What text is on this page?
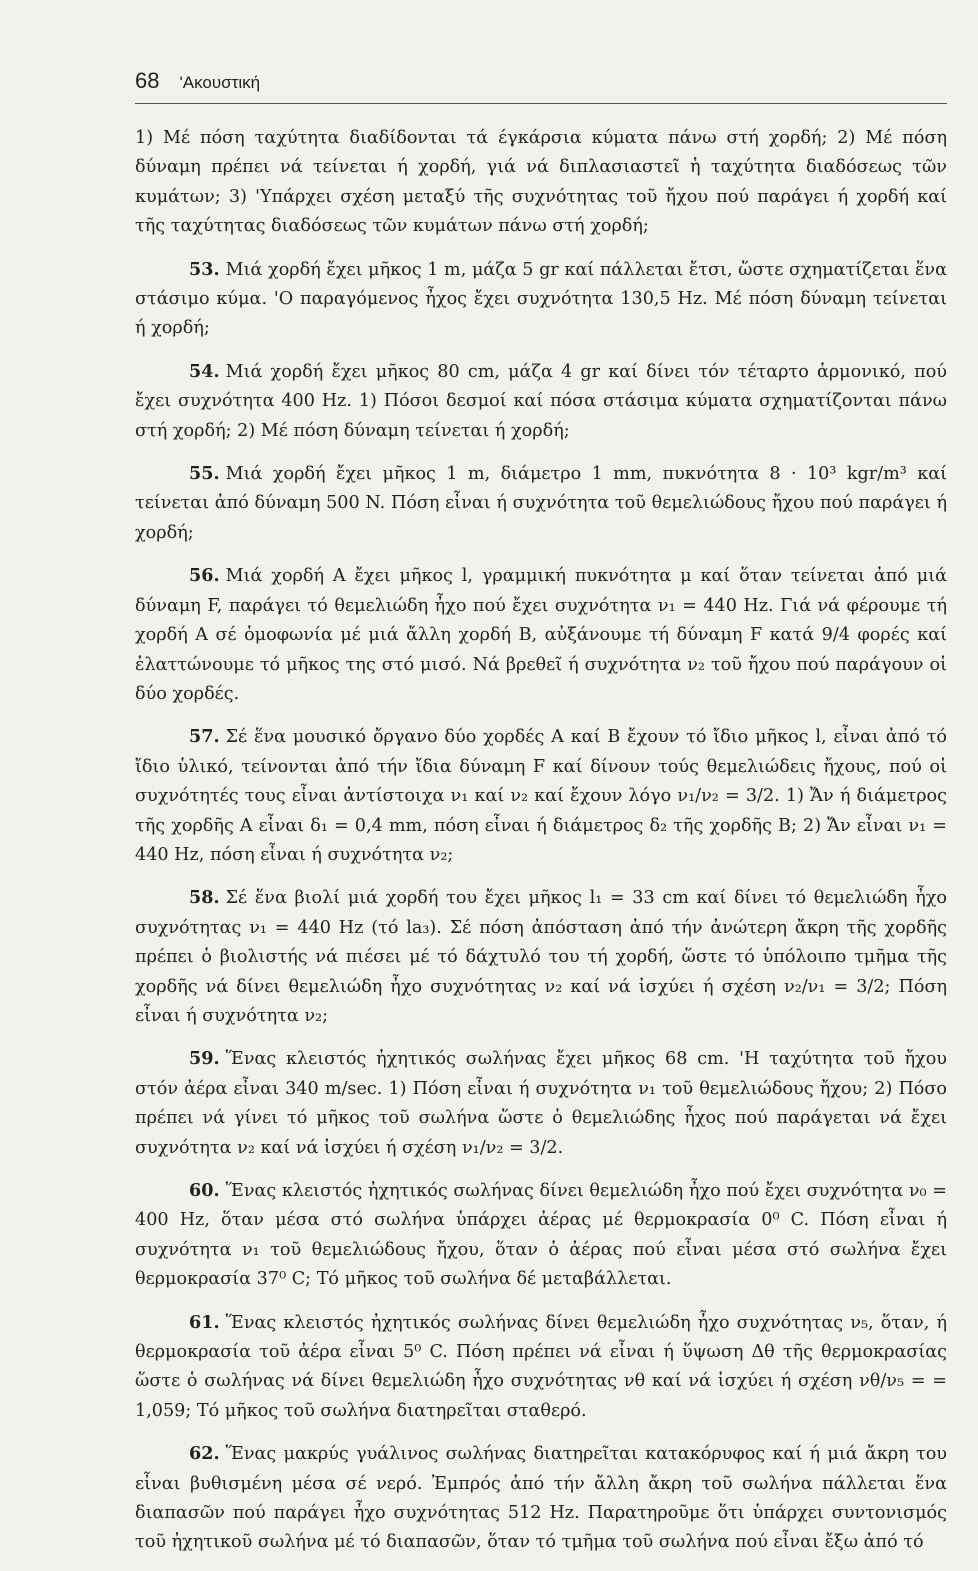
68 'Ακουστική

1) Μέ πόση ταχύτητα διαδίδονται τά έγκάρσια κύματα πάνω στή χορδή; 2) Μέ πόση δύναμη πρέπει νά τείνεται ή χορδή, γιά νά διπλασιαστεῖ ἡ ταχύτητα διαδόσεως τῶν κυμάτων; 3) 'Υπάρχει σχέση μεταξύ τῆς συχνότητας τοῦ ἤχου πού παράγει ή χορδή καί τῆς ταχύτητας διαδόσεως τῶν κυμάτων πάνω στή χορδή;

53. Μιά χορδή ἔχει μῆκος 1 m, μάζα 5 gr καί πάλλεται ἔτσι, ὥστε σχηματίζεται ἕνα στάσιμο κύμα. 'Ο παραγόμενος ἦχος ἔχει συχνότητα 130,5 Hz. Μέ πόση δύναμη τείνεται ή χορδή;

54. Μιά χορδή ἔχει μῆκος 80 cm, μάζα 4 gr καί δίνει τόν τέταρτο ἁρμονικό, πού ἔχει συχνότητα 400 Hz. 1) Πόσοι δεσμοί καί πόσα στάσιμα κύματα σχηματίζονται πάνω στή χορδή; 2) Μέ πόση δύναμη τείνεται ή χορδή;

55. Μιά χορδή ἔχει μῆκος 1 m, διάμετρο 1 mm, πυκνότητα 8 · 10³ kgr/m³ καί τείνεται ἀπό δύναμη 500 N. Πόση εἶναι ή συχνότητα τοῦ θεμελιώδους ἤχου πού παράγει ή χορδή;

56. Μιά χορδή Α ἔχει μῆκος l, γραμμική πυκνότητα μ καί ὅταν τείνεται ἀπό μιά δύναμη F, παράγει τό θεμελιώδη ἦχο πού ἔχει συχνότητα ν₁ = 440 Hz. Γιά νά φέρουμε τή χορδή Α σέ ὁμοφωνία μέ μιά ἄλλη χορδή Β, αὐξάνουμε τή δύναμη F κατά 9/4 φορές καί ἐλαττώνουμε τό μῆκος της στό μισό. Νά βρεθεῖ ή συχνότητα ν₂ τοῦ ἤχου πού παράγουν οἱ δύο χορδές.

57. Σέ ἕνα μουσικό ὄργανο δύο χορδές Α καί Β ἔχουν τό ἴδιο μῆκος l, εἶναι ἀπό τό ἴδιο ὑλικό, τείνονται ἀπό τήν ἴδια δύναμη F καί δίνουν τούς θεμελιώδεις ἤχους, πού οἱ συχνότητές τους εἶναι ἀντίστοιχα ν₁ καί ν₂ καί ἔχουν λόγο ν₁/ν₂ = 3/2. 1) Ἄν ή διάμετρος τῆς χορδῆς Α εἶναι δ₁ = 0,4 mm, πόση εἶναι ή διάμετρος δ₂ τῆς χορδῆς Β; 2) Ἄν εἶναι ν₁ = 440 Hz, πόση εἶναι ή συχνότητα ν₂;

58. Σέ ἕνα βιολί μιά χορδή του ἔχει μῆκος l₁ = 33 cm καί δίνει τό θεμελιώδη ἦχο συχνότητας ν₁ = 440 Hz (τό la₃). Σέ πόση ἀπόσταση ἀπό τήν ἀνώτερη ἄκρη τῆς χορδῆς πρέπει ὁ βιολιστής νά πιέσει μέ τό δάχτυλό του τή χορδή, ὥστε τό ὑπόλοιπο τμῆμα τῆς χορδῆς νά δίνει θεμελιώδη ἦχο συχνότητας ν₂ καί νά ἰσχύει ή σχέση ν₂/ν₁ = 3/2; Πόση εἶναι ή συχνότητα ν₂;

59. Ἕνας κλειστός ἠχητικός σωλήνας ἔχει μῆκος 68 cm. 'Η ταχύτητα τοῦ ἤχου στόν ἀέρα εἶναι 340 m/sec. 1) Πόση εἶναι ή συχνότητα ν₁ τοῦ θεμελιώδους ἤχου; 2) Πόσο πρέπει νά γίνει τό μῆκος τοῦ σωλήνα ὥστε ὁ θεμελιώδης ἦχος πού παράγεται νά ἔχει συχνότητα ν₂ καί νά ἰσχύει ή σχέση ν₁/ν₂ = 3/2.

60. Ἕνας κλειστός ἠχητικός σωλήνας δίνει θεμελιώδη ἦχο πού ἔχει συχνότητα ν₀ = 400 Hz, ὅταν μέσα στό σωλήνα ὑπάρχει ἀέρας μέ θερμοκρασία 0⁰ C. Πόση εἶναι ή συχνότητα ν₁ τοῦ θεμελιώδους ἤχου, ὅταν ὁ ἀέρας πού εἶναι μέσα στό σωλήνα ἔχει θερμοκρασία 37⁰ C; Τό μῆκος τοῦ σωλήνα δέ μεταβάλλεται.

61. Ἕνας κλειστός ἠχητικός σωλήνας δίνει θεμελιώδη ἦχο συχνότητας ν₅, ὅταν, ή θερμοκρασία τοῦ ἀέρα εἶναι 5⁰ C. Πόση πρέπει νά εἶναι ή ὕψωση Δθ τῆς θερμοκρασίας ὥστε ὁ σωλήνας νά δίνει θεμελιώδη ἦχο συχνότητας νθ καί νά ἰσχύει ή σχέση νθ/ν₅ = = 1,059; Τό μῆκος τοῦ σωλήνα διατηρεῖται σταθερό.

62. Ἕνας μακρύς γυάλινος σωλήνας διατηρεῖται κατακόρυφος καί ή μιά ἄκρη του εἶναι βυθισμένη μέσα σέ νερό. Ἐμπρός ἀπό τήν ἄλλη ἄκρη τοῦ σωλήνα πάλλεται ἕνα διαπασῶν πού παράγει ἦχο συχνότητας 512 Hz. Παρατηροῦμε ὅτι ὑπάρχει συντονισμός τοῦ ἠχητικοῦ σωλήνα μέ τό διαπασῶν, ὅταν τό τμῆμα τοῦ σωλήνα πού εἶναι ἔξω ἀπό τό
